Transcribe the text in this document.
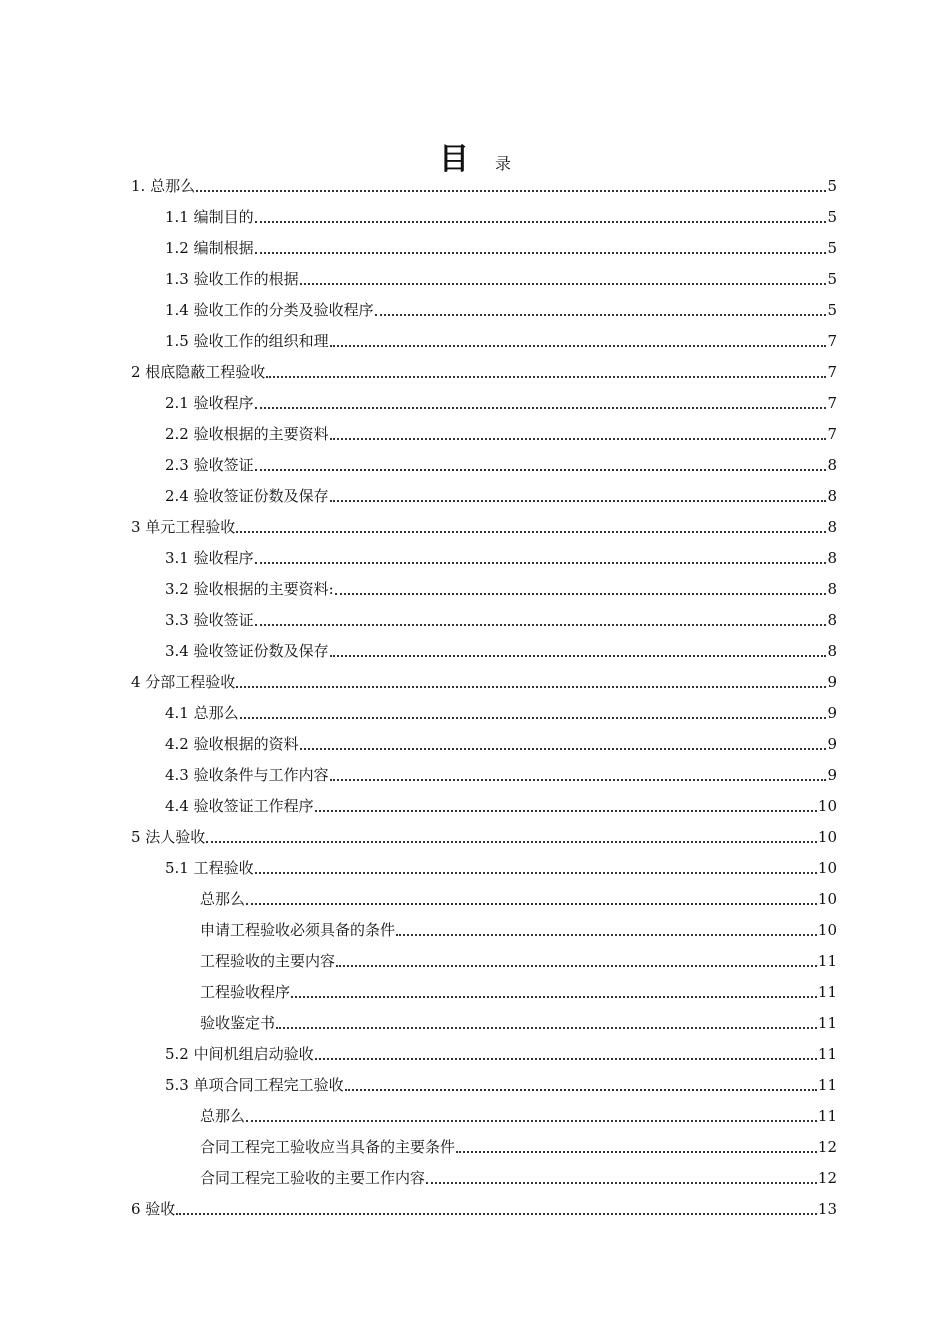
目 录
1. 总那么	5
1.1 编制目的	5
1.2 编制根据	5
1.3 验收工作的根据	5
1.4 验收工作的分类及验收程序	5
1.5 验收工作的组织和理	7
2 根底隐蔽工程验收	7
2.1 验收程序	7
2.2 验收根据的主要资料	7
2.3 验收签证	8
2.4 验收签证份数及保存	8
3 单元工程验收	8
3.1 验收程序	8
3.2 验收根据的主要资料:	8
3.3 验收签证	8
3.4 验收签证份数及保存	8
4 分部工程验收	9
4.1 总那么	9
4.2 验收根据的资料	9
4.3 验收条件与工作内容	9
4.4 验收签证工作程序	10
5 法人验收	10
5.1 工程验收	10
总那么	10
申请工程验收必须具备的条件	10
工程验收的主要内容	11
工程验收程序	11
验收鉴定书	11
5.2 中间机组启动验收	11
5.3 单项合同工程完工验收	11
总那么	11
合同工程完工验收应当具备的主要条件	12
合同工程完工验收的主要工作内容	12
6 验收	13
